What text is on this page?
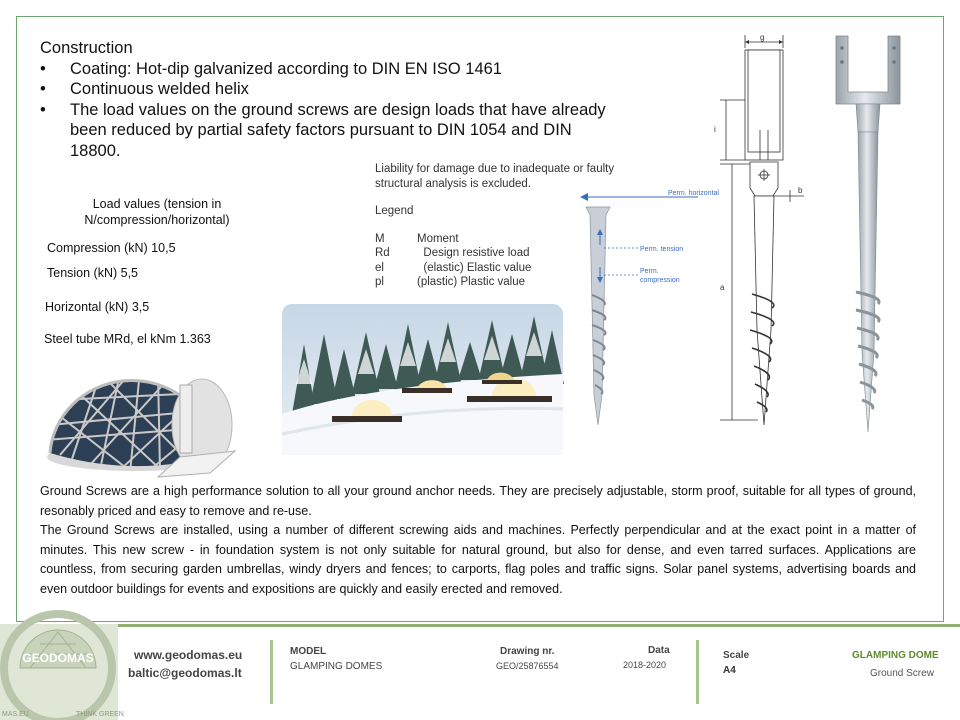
Construction
• Coating: Hot-dip galvanized according to DIN EN ISO 1461
• Continuous welded helix
• The load values on the ground screws are design loads that have already been reduced by partial safety factors pursuant to DIN 1054 and DIN 18800.
Load values (tension in N/compression/horizontal)
Compression (kN) 10,5
Tension (kN) 5,5
Horizontal (kN) 3,5
Steel tube MRd, el kNm 1.363
Liability for damage due to inadequate or faulty structural analysis is excluded.
Legend
M	Moment
Rd	Design resistive load
el	(elastic) Elastic value
pl	(plastic) Plastic value
Perm. horizontal
Perm. tension
Perm.
compression
g
i
b
a
Ground Screws are a high performance solution to all your ground anchor needs. They are precisely adjustable, storm proof, suitable for all types of ground, resonably priced and easy to remove and re-use.
The Ground Screws are installed, using a number of different screwing aids and machines. Perfectly perpendicular and at the exact point in a matter of minutes. This new screw - in foundation system is not only suitable for natural ground, but also for dense, and even tarred surfaces. Applications are countless, from securing garden umbrellas, windy dryers and fences; to carports, flag poles and traffic signs. Solar panel systems, advertising boards and even outdoor buildings for events and expositions are quickly and easily erected and removed.
GEODOMAS
MAS.EU	THINK GREEN
www.geodomas.eu
baltic@geodomas.lt
MODEL
GLAMPING DOMES
Drawing nr.
GEO/25876554
Data
2018-2020
Scale
A4
GLAMPING DOME
Ground Screw
